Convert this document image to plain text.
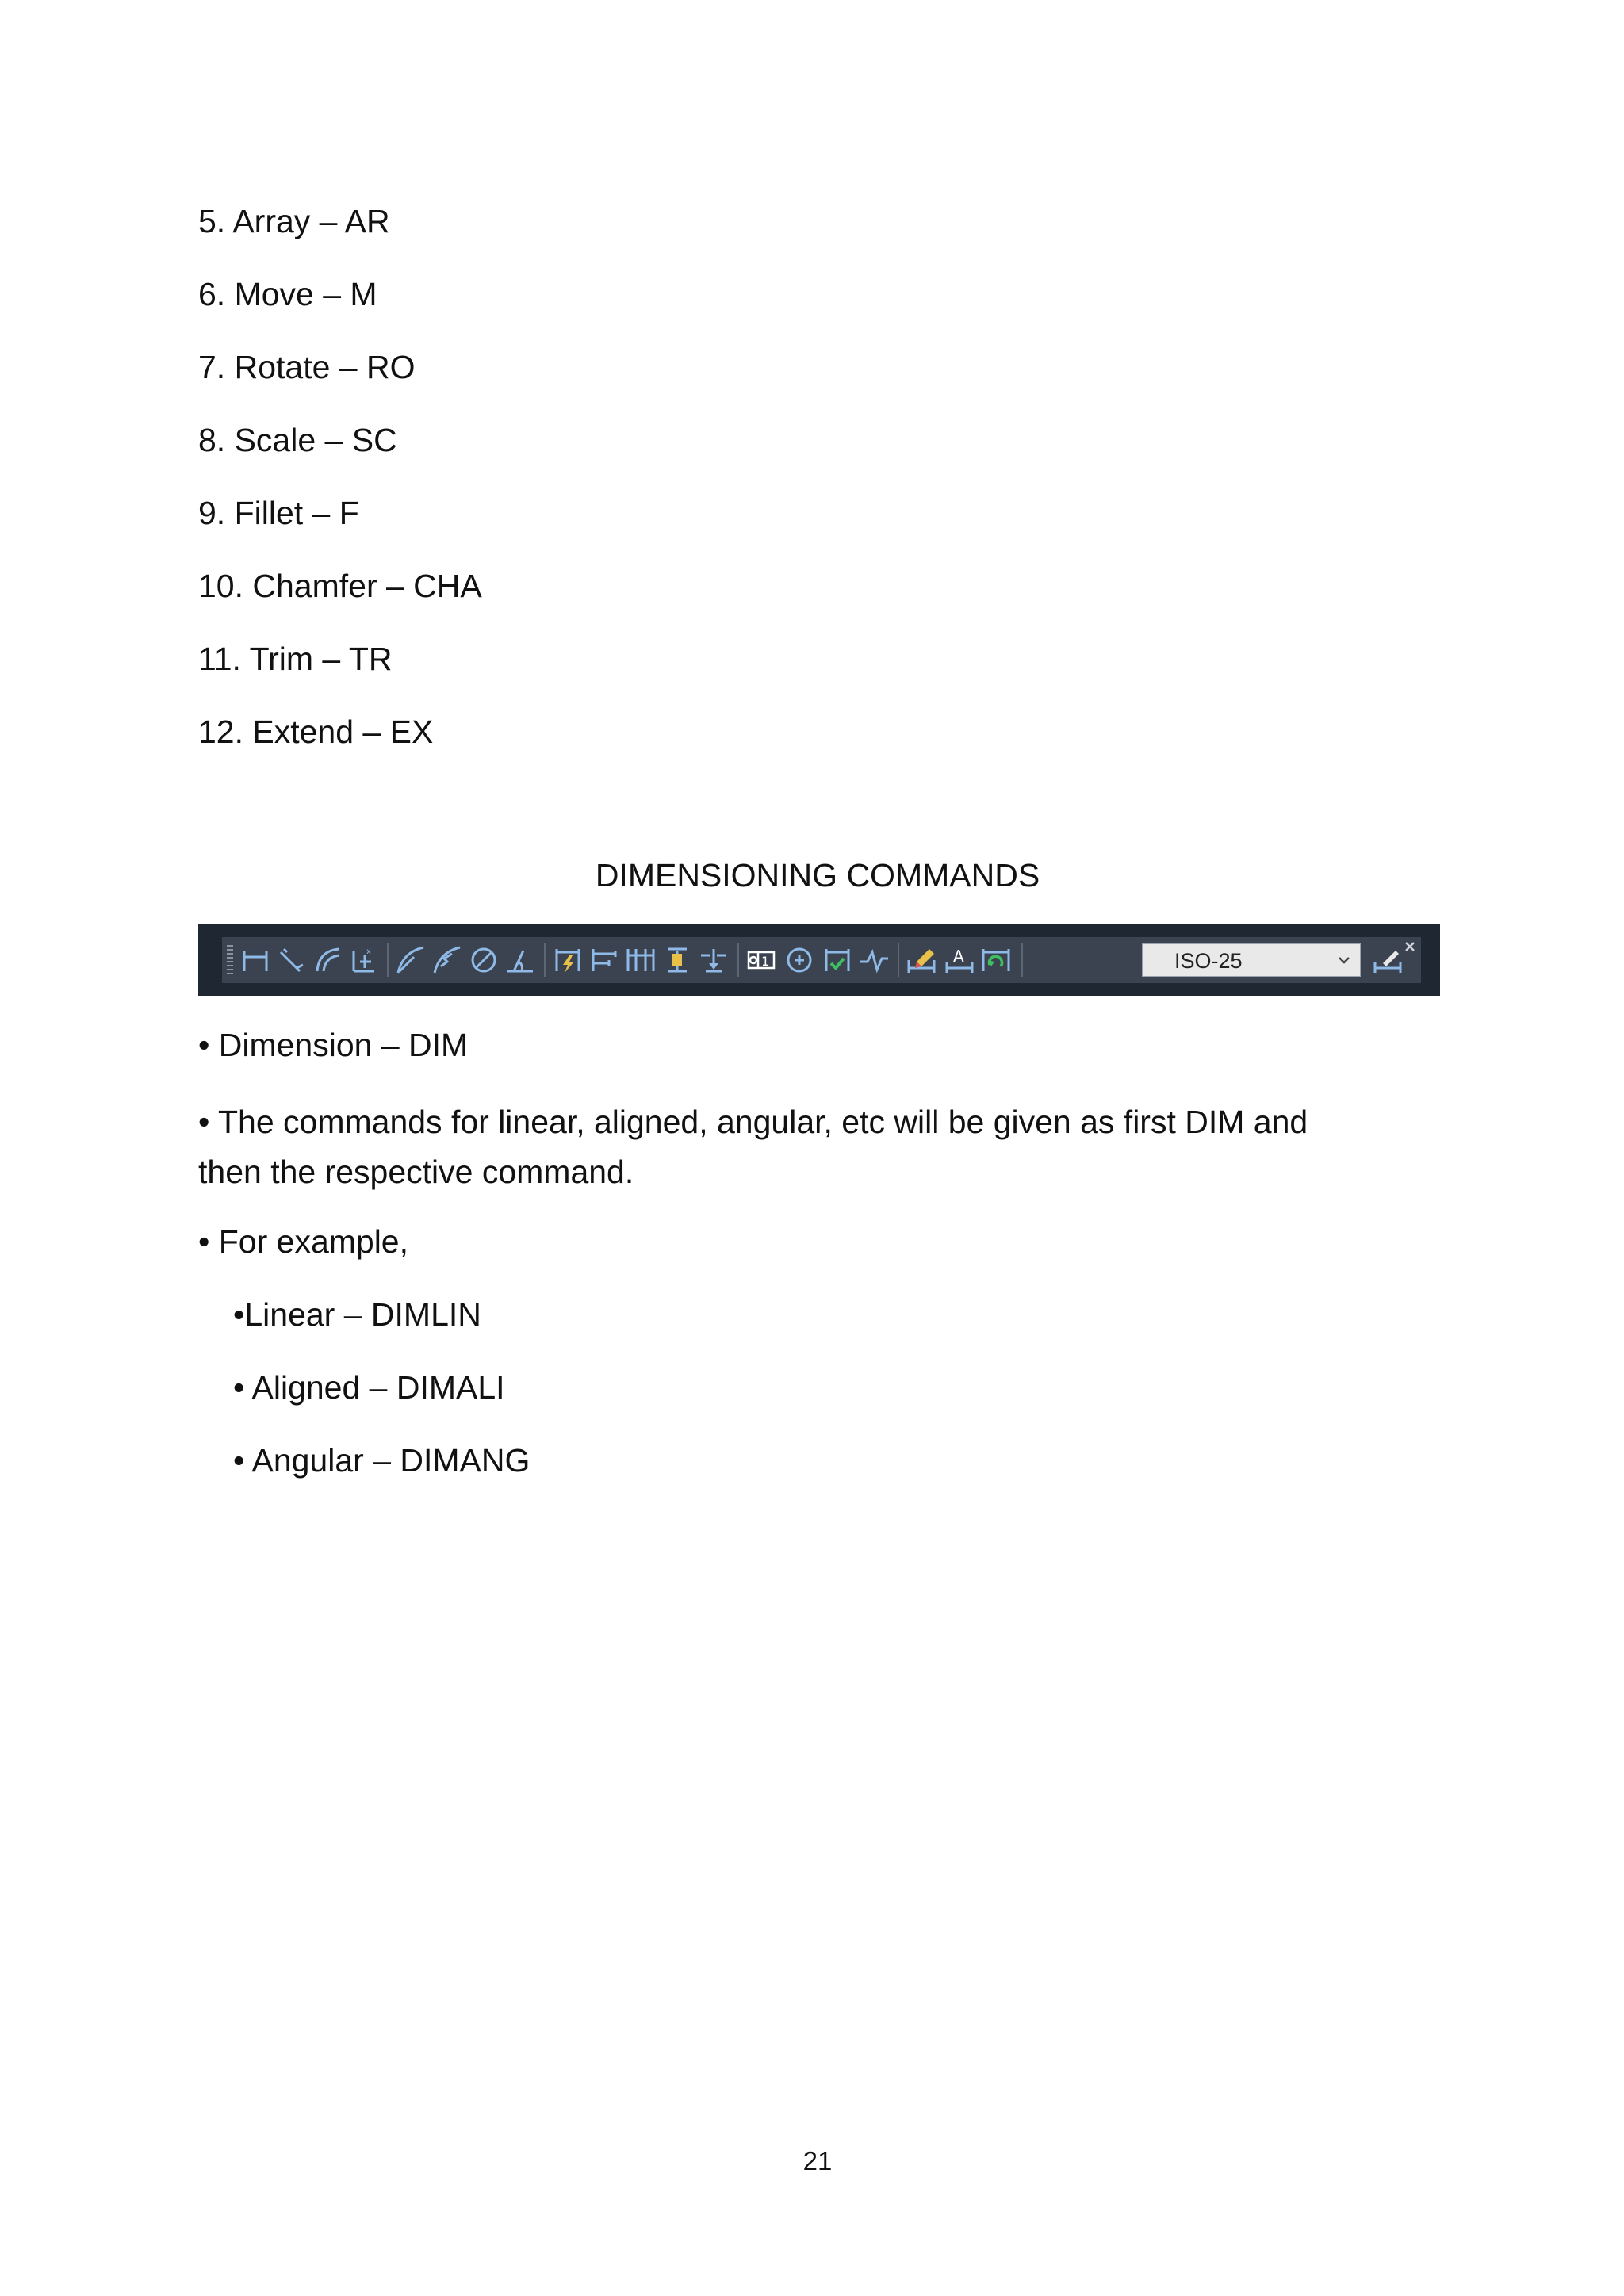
5. Array – AR
6. Move – M
7. Rotate – RO
8. Scale – SC
9. Fillet – F
10. Chamfer – CHA
11. Trim – TR
12. Extend – EX
DIMENSIONING COMMANDS
x
1	A	ISO-25
• Dimension – DIM
• The commands for linear, aligned, angular, etc will be given as first DIM and
then the respective command.
• For example,
•Linear – DIMLIN
• Aligned – DIMALI
• Angular – DIMANG
21
